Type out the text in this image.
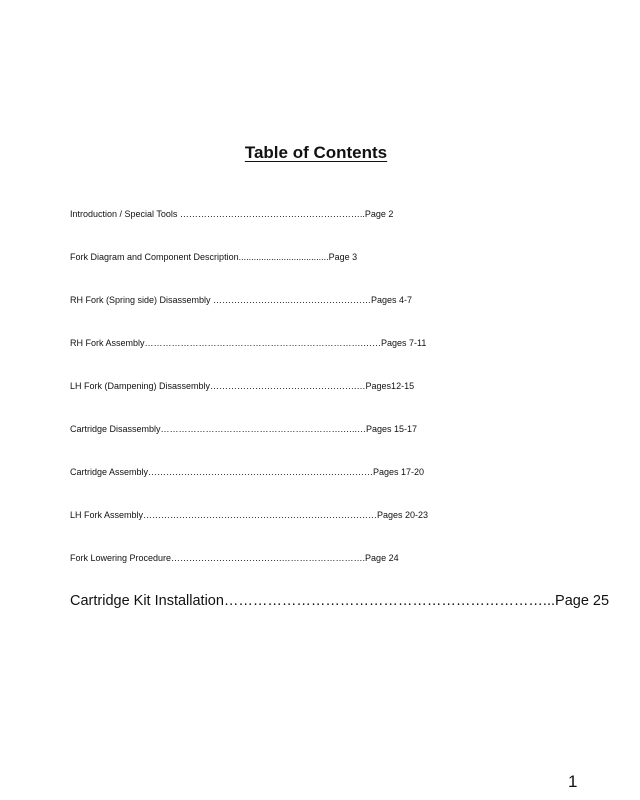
Table of Contents
Introduction / Special Tools ……………………………………………………..Page 2
Fork Diagram and Component Description....................................Page 3
RH Fork (Spring side) Disassembly ……………………..………………………Pages 4-7
RH Fork Assembly……………………………………………………………….……Pages 7-11
LH Fork (Dampening) Disassembly………………………………………….…Pages12-15
Cartridge Disassembly…………………………………………………….…..…Pages 15-17
Cartridge Assembly…………………………………………………………………Pages 17-20
LH Fork Assembly……………………………………………………………………Pages 20-23
Fork Lowering Procedure……………………………….……………………….Page 24
Cartridge Kit Installation…………………………………………………………...Page 25
1
